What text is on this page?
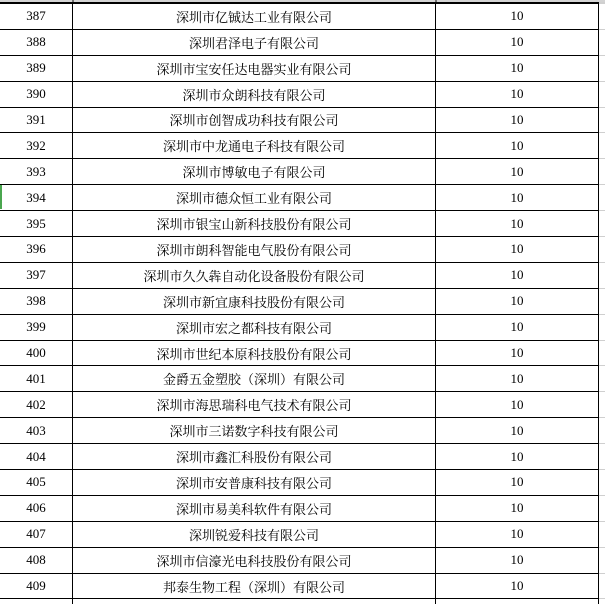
387	深圳市亿铖达工业有限公司	10
388	深圳君泽电子有限公司	10
389	深圳市宝安任达电器实业有限公司	10
390	深圳市众朗科技有限公司	10
391	深圳市创智成功科技有限公司	10
392	深圳市中龙通电子科技有限公司	10
393	深圳市博敏电子有限公司	10
394	深圳市德众恒工业有限公司	10
395	深圳市银宝山新科技股份有限公司	10
396	深圳市朗科智能电气股份有限公司	10
397	深圳市久久犇自动化设备股份有限公司	10
398	深圳市新宜康科技股份有限公司	10
399	深圳市宏之都科技有限公司	10
400	深圳市世纪本原科技股份有限公司	10
401	金爵五金塑胶（深圳）有限公司	10
402	深圳市海思瑞科电气技术有限公司	10
403	深圳市三诺数字科技有限公司	10
404	深圳市鑫汇科股份有限公司	10
405	深圳市安普康科技有限公司	10
406	深圳市易美科软件有限公司	10
407	深圳锐爱科技有限公司	10
408	深圳市信濠光电科技股份有限公司	10
409	邦泰生物工程（深圳）有限公司	10
